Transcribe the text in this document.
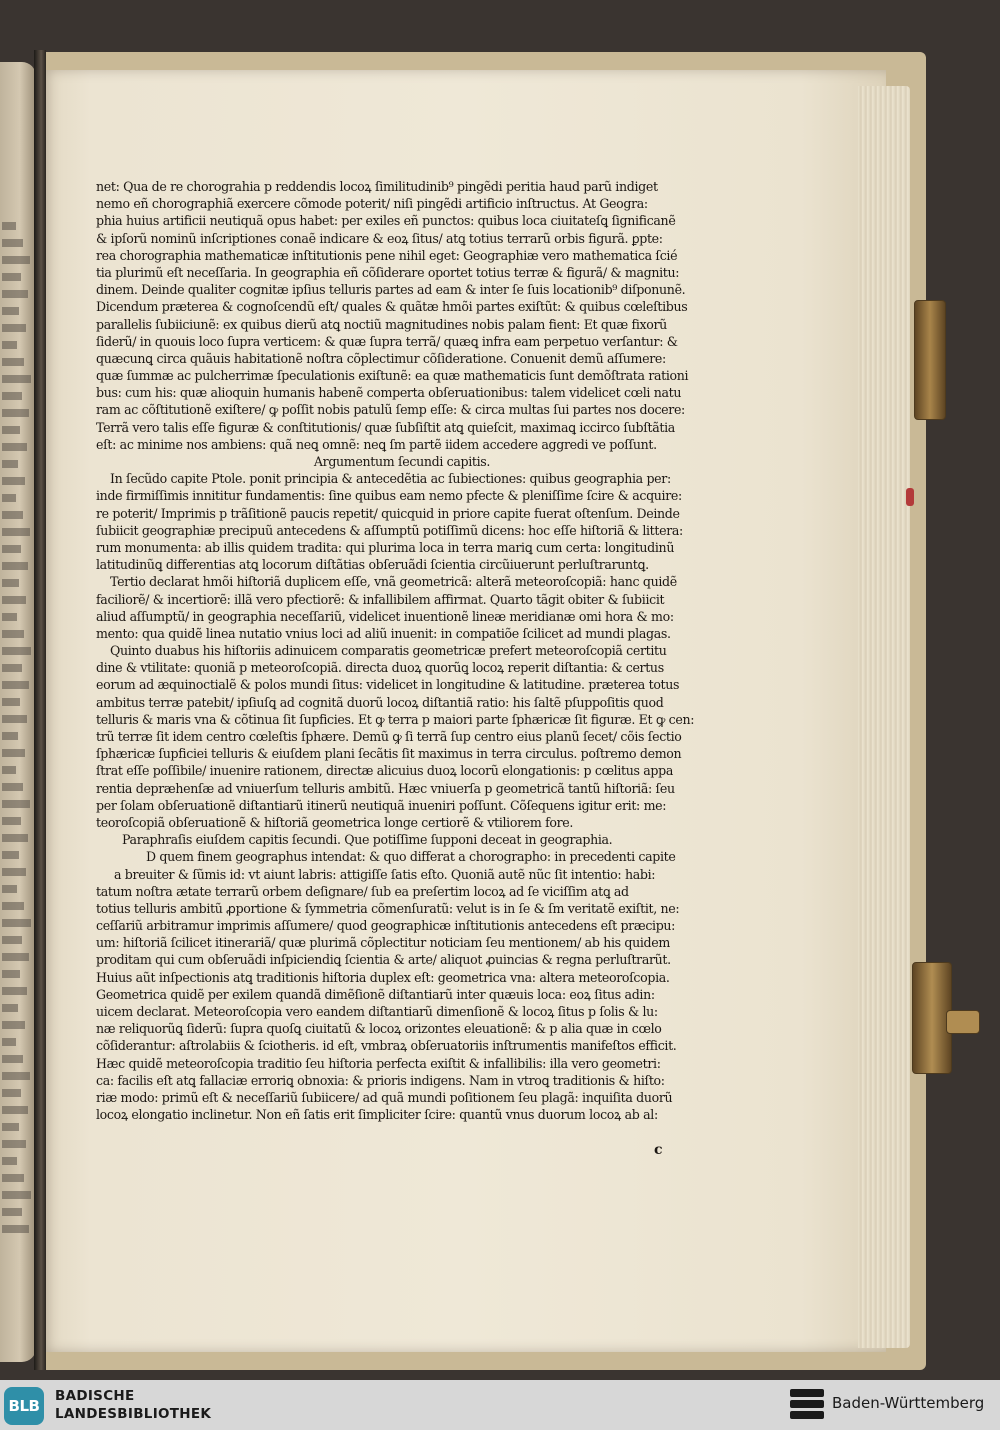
net: Qua de re chorograhia p reddendis locoꝝ ſimilitudinib⁹ pingẽdi peritia haud parũ indiget
nemo eñ chorographiã exercere cõmode poterit/ niſi pingẽdi artificio inſtructus. At Geogra:
phia huius artificii neutiquã opus habet: per exiles eñ punctos: quibus loca ciuitateſꝗ ſignificanẽ
& ipſorũ nominũ inſcriptiones conaẽ indicare & eoꝝ ſitus/ atꝗ totius terrarũ orbis figurã. ꝑpte:
rea chorographia mathematicæ inſtitutionis pene nihil eget: Geographiæ vero mathematica ſcié
tia plurimũ eſt neceſſaria. In geographia eñ cõſiderare oportet totius terræ & figurã/ & magnitu:
dinem. Deinde qualiter cognitæ ipſius telluris partes ad eam & inter ſe ſuis locationib⁹ diſponunẽ.
Dicendum præterea & cognoſcendũ eſt/ quales & quãtæ hmõi partes exiſtũt: & quibus cœleſtibus
parallelis ſubiiciunẽ: ex quibus dierũ atꝗ noctiũ magnitudines nobis palam fient: Et quæ fixorũ
ſiderũ/ in quouis loco ſupra verticem: & quæ ſupra terrã/ quæꝗ infra eam perpetuo verſantur: &
quæcunꝗ circa quãuis habitationẽ noſtra cõplectimur cõſideratione. Conuenit demũ aſſumere:
quæ ſummæ ac pulcherrimæ ſpeculationis exiſtunẽ: ea quæ mathematicis ſunt demõſtrata rationi
bus: cum his: quæ alioquin humanis habenẽ comperta obſeruationibus: talem videlicet cœli natu
ram ac cõſtitutionẽ exiſtere/ ꝙ poſſit nobis patulũ ſemp eſſe: & circa multas ſui partes nos docere:
Terrã vero talis eſſe figuræ & conſtitutionis/ quæ ſubſiſtit atꝗ quieſcit, maximaꝗ iccirco ſubſtãtia
eſt: ac minime nos ambiens: quã neꝗ omnẽ: neꝗ ſm partẽ iidem accedere aggredi ve poſſunt.
Argumentum ſecundi capitis.
In ſecũdo capite Ptole. ponit principia & antecedẽtia ac ſubiectiones: quibus geographia per:
inde firmiſſimis innititur fundamentis: ſine quibus eam nemo pfecte & pleniſſime ſcire & acquire:
re poterit/ Imprimis p trãſitionẽ paucis repetit/ quicquid in priore capite fuerat oſtenſum. Deinde
ſubiicit geographiæ precipuũ antecedens & aſſumptũ potiſſimũ dicens: hoc eſſe hiſtoriã & littera:
rum monumenta: ab illis quidem tradita: qui plurima loca in terra mariꝗ cum certa: longitudinũ
latitudinũꝗ differentias atꝗ locorum diſtãtias obſeruãdi ſcientia circũiuerunt perluſtraruntꝗ.
Tertio declarat hmõi hiſtoriã duplicem eſſe, vnã geometricã: alterã meteoroſcopiã: hanc quidẽ
faciliorẽ/ & incertiorẽ: illã vero pfectiorẽ: & infallibilem affirmat. Quarto tãgit obiter & ſubiicit
aliud aſſumptũ/ in geographia neceſſariũ, videlicet inuentionẽ lineæ meridianæ omi hora & mo:
mento: qua quidẽ linea nutatio vnius loci ad aliũ inuenit: in compatiõe ſcilicet ad mundi plagas.
Quinto duabus his hiſtoriis adinuicem comparatis geometricæ prefert meteoroſcopiã certitu
dine & vtilitate: quoniã p meteoroſcopiã. directa duoꝝ quorũꝗ locoꝝ reperit diſtantia: & certus
eorum ad æquinoctialẽ & polos mundi ſitus: videlicet in longitudine & latitudine. præterea totus
ambitus terræ patebit/ ipſiuſꝗ ad cognitã duorũ locoꝝ diſtantiã ratio: his ſaltẽ pſuppoſitis quod
telluris & maris vna & cõtinua ſit ſupficies. Et ꝙ terra p maiori parte ſphæricæ ſit figuræ. Et ꝙ cen:
trũ terræ ſit idem centro cœleſtis ſphære. Demũ ꝙ ſi terrã ſup centro eius planũ ſecet/ cõis ſectio
ſphæricæ ſupficiei telluris & eiuſdem plani ſecãtis ſit maximus in terra circulus. poſtremo demon
ſtrat eſſe poſſibile/ inuenire rationem, directæ alicuius duoꝝ locorũ elongationis: p cœlitus appa
rentia depræhenſæ ad vniuerſum telluris ambitũ. Hæc vniuerſa p geometricã tantũ hiſtoriã: ſeu
per ſolam obſeruationẽ diſtantiarũ itinerũ neutiquã inueniri poſſunt. Cõſequens igitur erit: me:
teoroſcopiã obſeruationẽ & hiſtoriã geometrica longe certiorẽ & vtiliorem fore.
Paraphraſis eiuſdem capitis ſecundi. Que potiſſime ſupponi deceat in geographia.
D quem finem geographus intendat: & quo differat a chorographo: in precedenti capite
a breuiter & ſũmis id: vt aiunt labris: attigiſſe ſatis eſto. Quoniã autẽ nũc ſit intentio: habi:
tatum noſtra ætate terrarũ orbem deſignare/ ſub ea preſertim locoꝝ ad ſe viciſſim atꝗ ad
totius telluris ambitũ ꝓportione & ſymmetria cõmenſuratũ: velut is in ſe & ſm veritatẽ exiſtit, ne:
ceſſariũ arbitramur imprimis aſſumere/ quod geographicæ inſtitutionis antecedens eſt præcipu:
um: hiſtoriã ſcilicet itinerariã/ quæ plurimã cõplectitur noticiam ſeu mentionem/ ab his quidem
proditam qui cum obſeruãdi inſpiciendiꝗ ſcientia & arte/ aliquot ꝓuincias & regna perluſtrarũt.
Huius aũt inſpectionis atꝗ traditionis hiſtoria duplex eſt: geometrica vna: altera meteoroſcopia.
Geometrica quidẽ per exilem quandã dimẽſionẽ diſtantiarũ inter quæuis loca: eoꝝ ſitus adin:
uicem declarat. Meteoroſcopia vero eandem diſtantiarũ dimenſionẽ & locoꝝ ſitus p ſolis & lu:
næ reliquorũꝗ ſiderũ: ſupra quoſꝗ ciuitatũ & locoꝝ orizontes eleuationẽ: & p alia quæ in cœlo
cõſiderantur: aſtrolabiis & ſciotheris. id eſt, vmbraꝝ obſeruatoriis inſtrumentis manifeſtos efficit.
Hæc quidẽ meteoroſcopia traditio ſeu hiſtoria perfecta exiſtit & infallibilis: illa vero geometri:
ca: facilis eſt atꝗ fallaciæ erroriꝗ obnoxia: & prioris indigens. Nam in vtroꝗ traditionis & hiſto:
riæ modo: primũ eſt & neceſſariũ ſubiicere/ ad quã mundi poſitionem ſeu plagã: inquiſita duorũ
locoꝝ elongatio inclinetur. Non eñ ſatis erit ſimpliciter ſcire: quantũ vnus duorum locoꝝ ab al:
c
BLB
BADISCHE
LANDESBIBLIOTHEK
Baden-Württemberg
